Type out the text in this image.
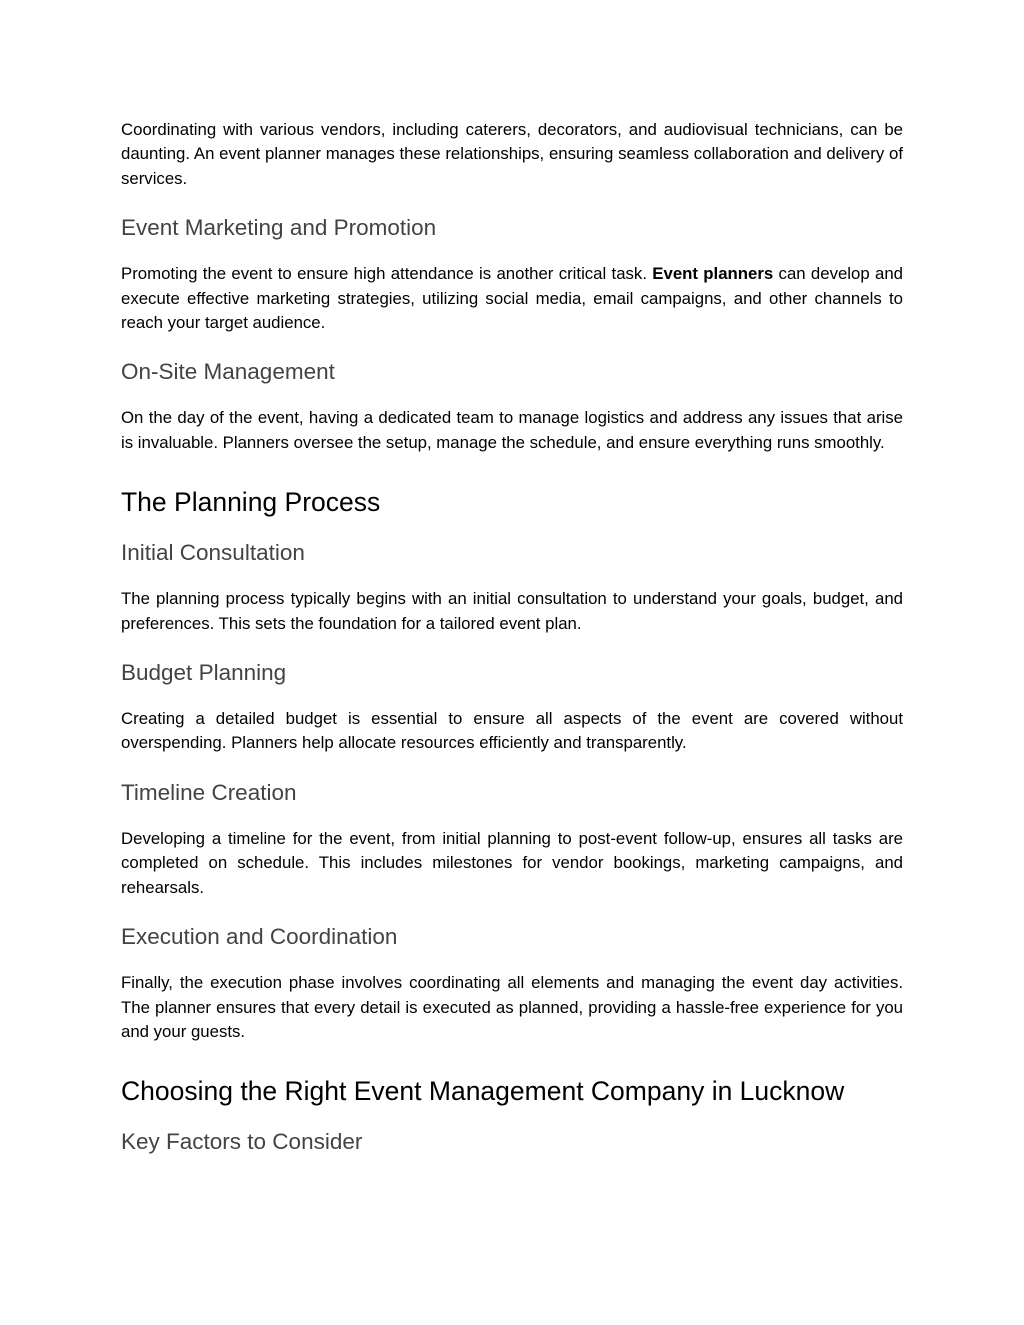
Coordinating with various vendors, including caterers, decorators, and audiovisual technicians, can be daunting. An event planner manages these relationships, ensuring seamless collaboration and delivery of services.

Event Marketing and Promotion

Promoting the event to ensure high attendance is another critical task. Event planners can develop and execute effective marketing strategies, utilizing social media, email campaigns, and other channels to reach your target audience.

On-Site Management

On the day of the event, having a dedicated team to manage logistics and address any issues that arise is invaluable. Planners oversee the setup, manage the schedule, and ensure everything runs smoothly.

The Planning Process
Initial Consultation

The planning process typically begins with an initial consultation to understand your goals, budget, and preferences. This sets the foundation for a tailored event plan.

Budget Planning

Creating a detailed budget is essential to ensure all aspects of the event are covered without overspending. Planners help allocate resources efficiently and transparently.

Timeline Creation

Developing a timeline for the event, from initial planning to post-event follow-up, ensures all tasks are completed on schedule. This includes milestones for vendor bookings, marketing campaigns, and rehearsals.

Execution and Coordination

Finally, the execution phase involves coordinating all elements and managing the event day activities. The planner ensures that every detail is executed as planned, providing a hassle-free experience for you and your guests.

Choosing the Right Event Management Company in Lucknow
Key Factors to Consider
